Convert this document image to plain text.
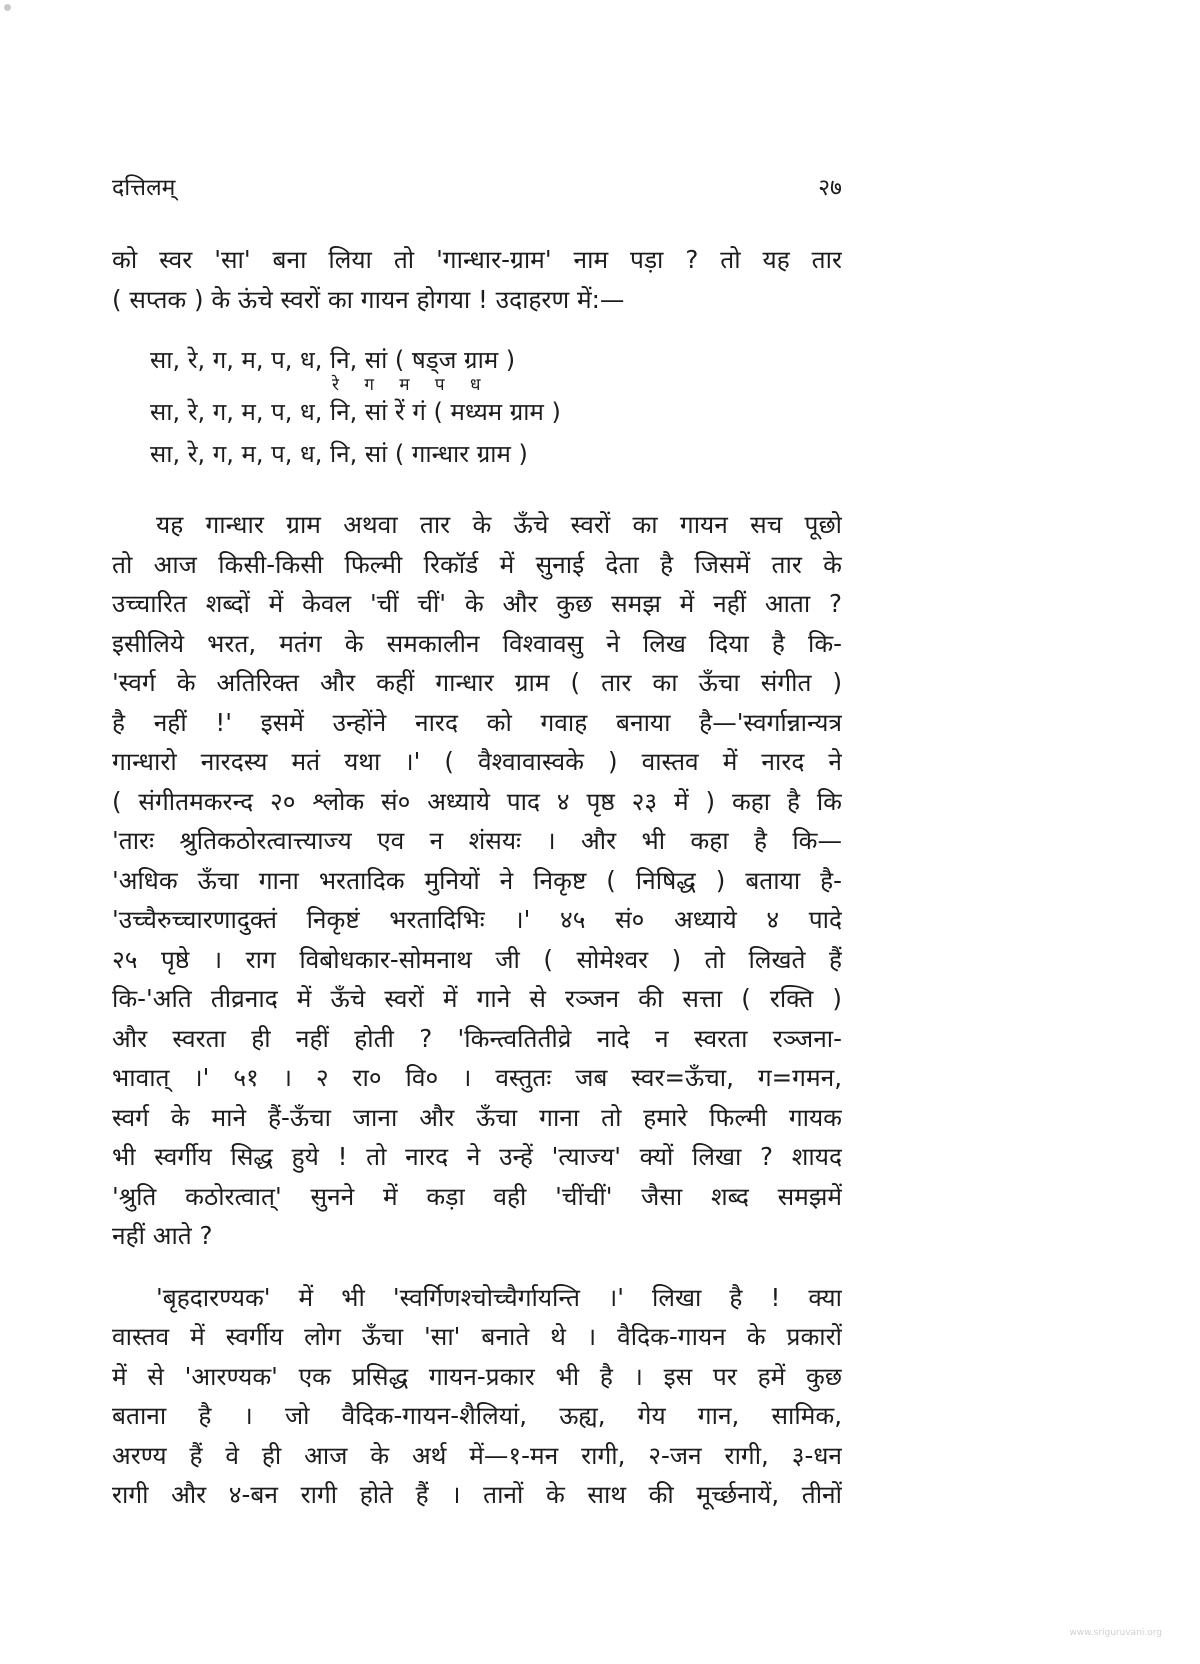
दत्तिलम्	२७
को स्वर 'सा' बना लिया तो 'गान्धार-ग्राम' नाम पड़ा ? तो यह तार
( सप्तक ) के ऊंचे स्वरों का गायन होगया ! उदाहरण में:—
सा, रे, ग, म, प, ध, नि, सां ( षड्ज ग्राम )
रे ग म प ध
सा, रे, ग, म, प, ध, नि, सां रें गं ( मध्यम ग्राम )
सा, रे, ग, म, प, ध, नि, सां ( गान्धार ग्राम )
यह गान्धार ग्राम अथवा तार के ऊँचे स्वरों का गायन सच पूछो
तो आज किसी-किसी फिल्मी रिकॉर्ड में सुनाई देता है जिसमें तार के
उच्चारित शब्दों में केवल 'चीं चीं' के और कुछ समझ में नहीं आता ?
इसीलिये भरत, मतंग के समकालीन विश्वावसु ने लिख दिया है कि-
'स्वर्ग के अतिरिक्त और कहीं गान्धार ग्राम ( तार का ऊँचा संगीत )
है नहीं !' इसमें उन्होंने नारद को गवाह बनाया है—'स्वर्गान्नान्यत्र
गान्धारो नारदस्य मतं यथा ।' ( वैश्वावास्वके ) वास्तव में नारद ने
( संगीतमकरन्द २० श्लोक सं० अध्याये पाद ४ पृष्ठ २३ में ) कहा है कि
'तारः श्रुतिकठोरत्वात्त्याज्य एव न शंसयः । और भी कहा है कि—
'अधिक ऊँचा गाना भरतादिक मुनियों ने निकृष्ट ( निषिद्ध ) बताया है-
'उच्चैरुच्चारणादुक्तं निकृष्टं भरतादिभिः ।' ४५ सं० अध्याये ४ पादे
२५ पृष्ठे । राग विबोधकार-सोमनाथ जी ( सोमेश्वर ) तो लिखते हैं
कि-'अति तीव्रनाद में ऊँचे स्वरों में गाने से रञ्जन की सत्ता ( रक्ति )
और स्वरता ही नहीं होती ? 'किन्त्वतितीव्रे नादे न स्वरता रञ्जना-
भावात् ।' ५१ । २ रा० वि० । वस्तुतः जब स्वर=ऊँचा, ग=गमन,
स्वर्ग के माने हैं-ऊँचा जाना और ऊँचा गाना तो हमारे फिल्मी गायक
भी स्वर्गीय सिद्ध हुये ! तो नारद ने उन्हें 'त्याज्य' क्यों लिखा ? शायद
'श्रुति कठोरत्वात्' सुनने में कड़ा वही 'चींचीं' जैसा शब्द समझमें
नहीं आते ?
'बृहदारण्यक' में भी 'स्वर्गिणश्चोच्चैर्गायन्ति ।' लिखा है ! क्या
वास्तव में स्वर्गीय लोग ऊँचा 'सा' बनाते थे । वैदिक-गायन के प्रकारों
में से 'आरण्यक' एक प्रसिद्ध गायन-प्रकार भी है । इस पर हमें कुछ
बताना है । जो वैदिक-गायन-शैलियां, ऊह्य, गेय गान, सामिक,
अरण्य हैं वे ही आज के अर्थ में—१-मन रागी, २-जन रागी, ३-धन
रागी और ४-बन रागी होते हैं । तानों के साथ की मूर्च्छनायें, तीनों
www.sriguruvani.org
